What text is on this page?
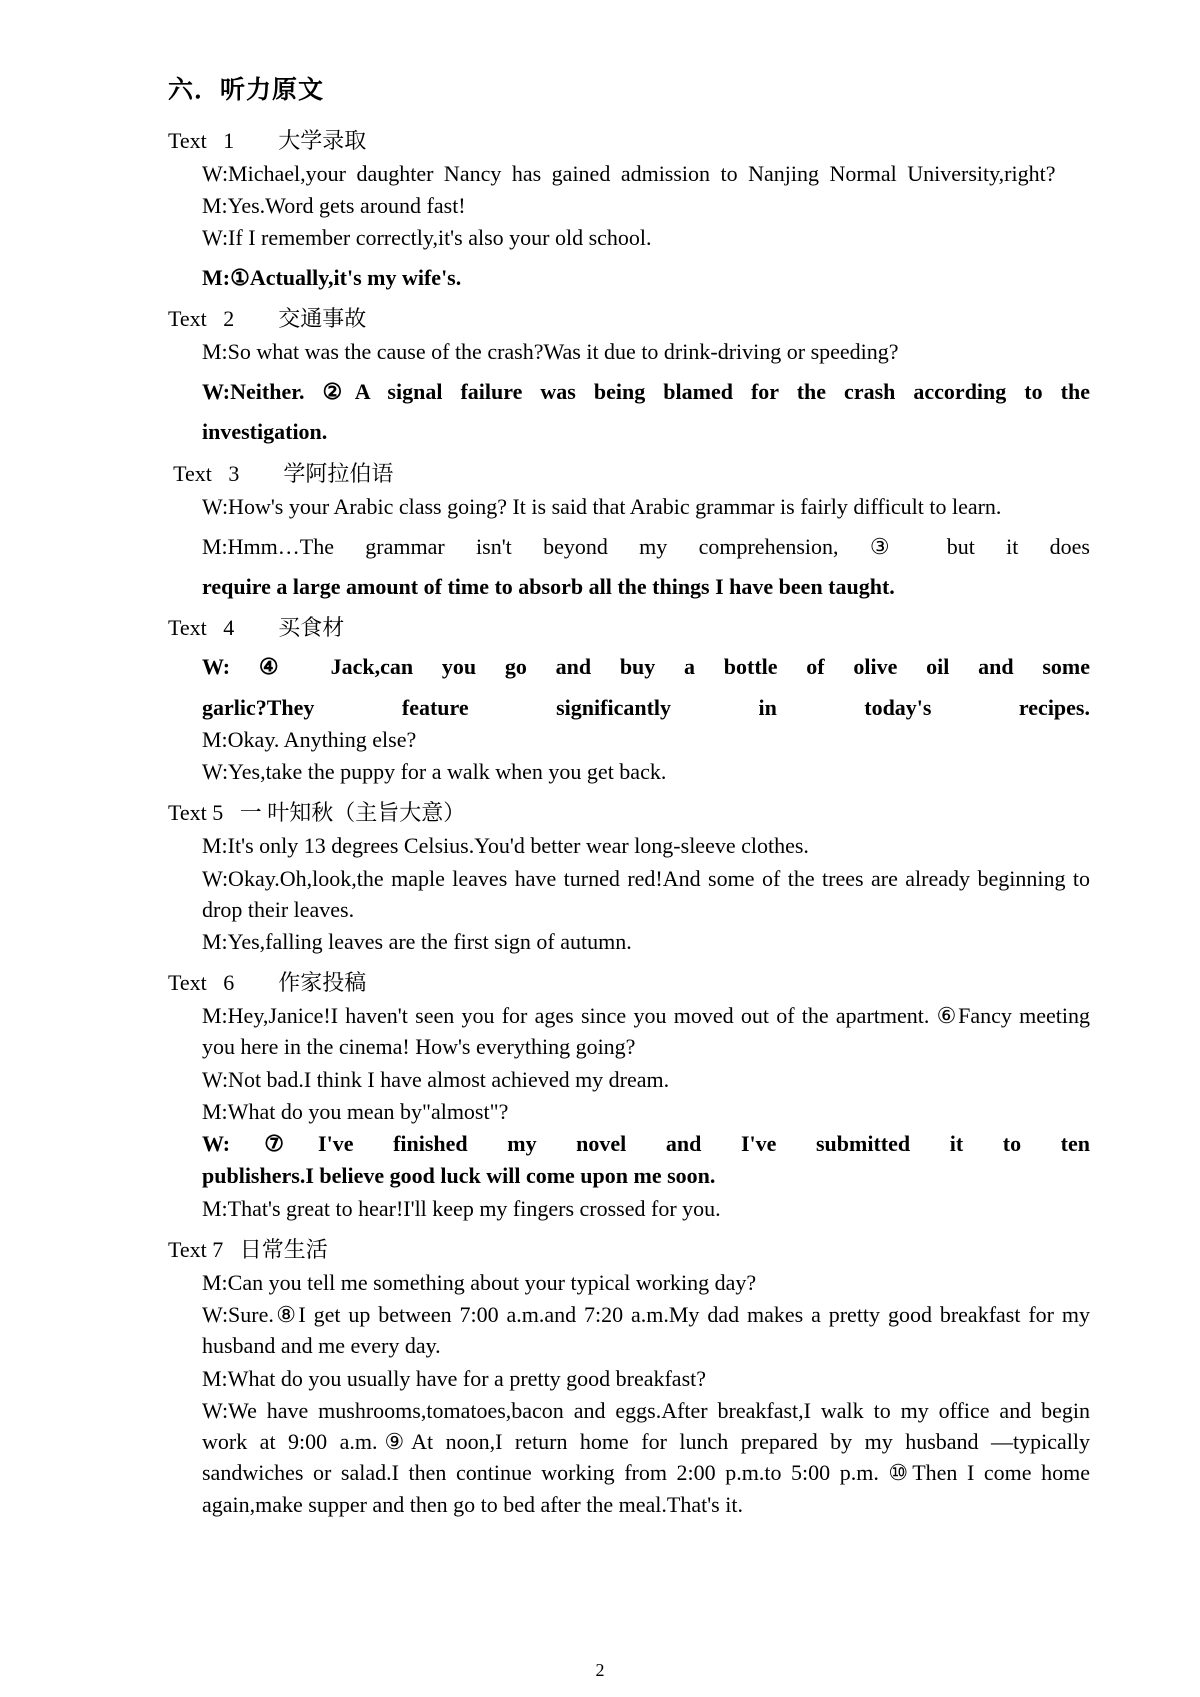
六．听力原文
Text   1        大学录取
W:Michael,your daughter Nancy has gained admission to Nanjing Normal University,right?
M:Yes.Word gets around fast!
W:If I remember correctly,it's also your old school.
M:①Actually,it's my wife's.
Text   2        交通事故
M:So what was the cause of the crash?Was it due to drink-driving or speeding?
W:Neither. ②A signal failure was being blamed for the crash according to the
investigation.
Text   3        学阿拉伯语
W:How's your Arabic class going? It is said that Arabic grammar is fairly difficult to learn.
M:Hmm…The grammar isn't beyond my comprehension, ③ but it does
require a large amount of time to absorb all the things I have been taught.
Text   4        买食材
W: ④ Jack,can you go and buy a bottle of olive oil and some
garlic?They feature significantly in today's recipes.
M:Okay. Anything else?
W:Yes,take the puppy for a walk when you get back.
Text 5   一 叶知秋（主旨大意）
M:It's only 13 degrees Celsius.You'd better wear long-sleeve clothes.
W:Okay.Oh,look,the maple leaves have turned red!And some of the trees are already beginning to drop their leaves.
M:Yes,falling leaves are the first sign of autumn.
Text   6        作家投稿
M:Hey,Janice!I haven't seen you for ages since you moved out of the apartment. ⑥Fancy meeting you here in the cinema! How's everything going?
W:Not bad.I think I have almost achieved my dream.
M:What do you mean by"almost"?
W:⑦I've finished my novel and I've submitted it to ten
publishers.I believe good luck will come upon me soon.
M:That's great to hear!I'll keep my fingers crossed for you.
Text 7   日常生活
M:Can you tell me something about your typical working day?
W:Sure.⑧I get up between 7:00 a.m.and 7:20 a.m.My dad makes a pretty good breakfast for my husband and me every day.
M:What do you usually have for a pretty good breakfast?
W:We have mushrooms,tomatoes,bacon and eggs.After breakfast,I walk to my office and begin work at 9:00 a.m.⑨At noon,I return home for lunch prepared by my husband —typically sandwiches or salad.I then continue working from 2:00 p.m.to 5:00 p.m. ⑩Then I come home again,make supper and then go to bed after the meal.That's it.
2
